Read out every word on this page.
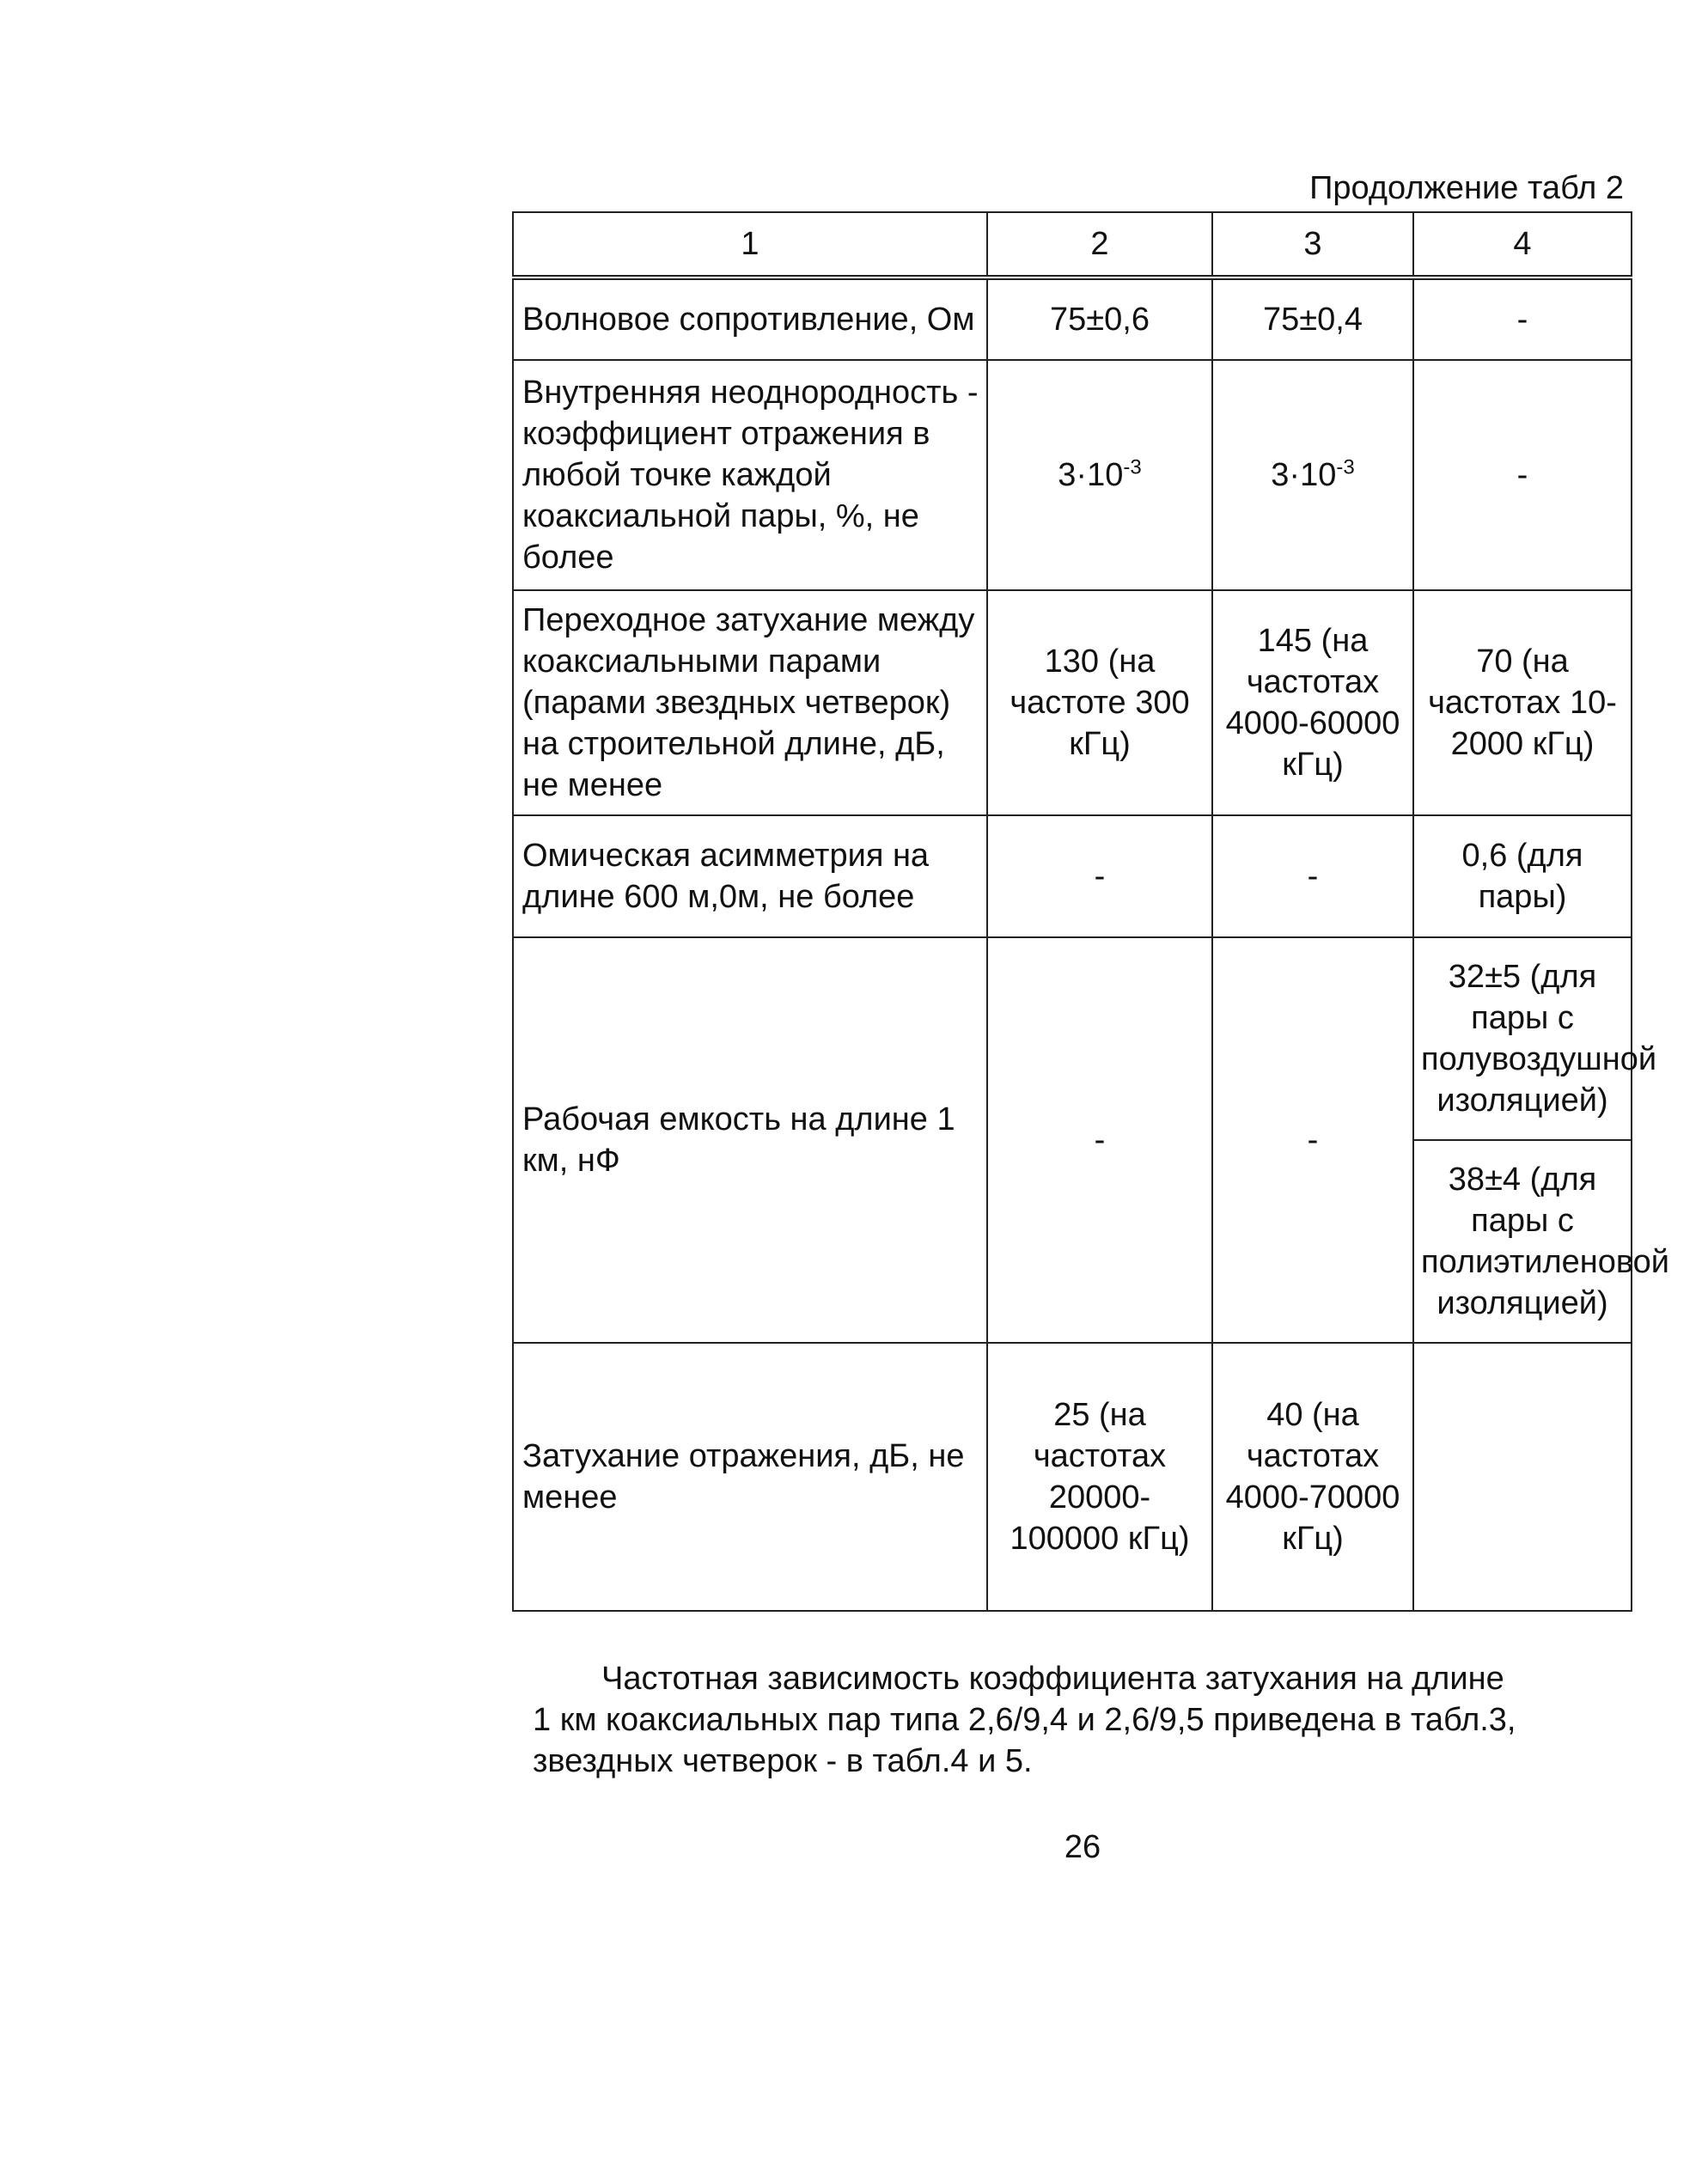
Продолжение табл 2
1	2	3	4
Волновое сопротивление, Ом	75±0,6	75±0,4	-
Внутренняя неоднородность - коэффициент отражения в любой точке каждой коаксиальной пары, %, не более	$3\cdot 10^{-3}$	$3\cdot 10^{-3}$	-
Переходное затухание между коаксиальными парами (парами звездных четверок) на строительной длине, дБ, не менее	130 (на частоте 300 кГц)	145 (на частотах 4000-60000 кГц)	70 (на частотах 10- 2000 кГц)
Омическая асимметрия на длине 600 м,0м, не более	-	-	0,6 (для пары)
Рабочая емкость на длине 1 км, нФ	-	-	32±5 (для пары с полувоздушной изоляцией)
			38±4 (для пары с полиэтиленовой изоляцией)
Затухание отражения, дБ, не менее	25 (на частотах 20000-100000 кГц)	40 (на частотах 4000-70000 кГц)	
Частотная зависимость коэффициента затухания на длине
1 км коаксиальных пар типа 2,6/9,4 и 2,6/9,5 приведена в табл.3, звездных четверок - в табл.4 и 5.
26
